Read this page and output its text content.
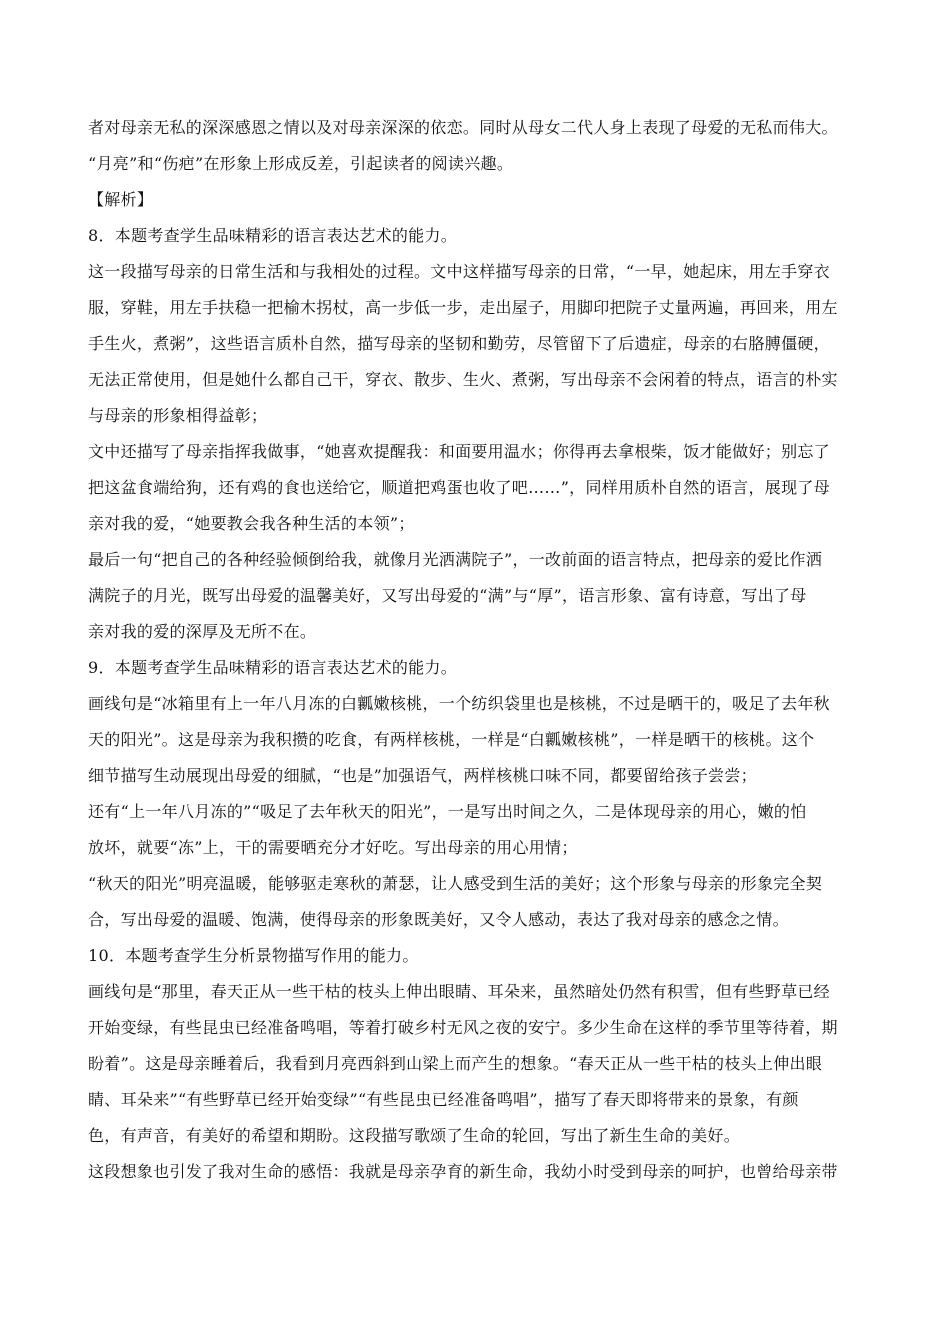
者对母亲无私的深深感恩之情以及对母亲深深的依恋。同时从母女二代人身上表现了母爱的无私而伟大。
“月亮”和“伤疤”在形象上形成反差，引起读者的阅读兴趣。
【解析】
8．本题考查学生品味精彩的语言表达艺术的能力。
这一段描写母亲的日常生活和与我相处的过程。文中这样描写母亲的日常，“一早，她起床，用左手穿衣
服，穿鞋，用左手扶稳一把榆木拐杖，高一步低一步，走出屋子，用脚印把院子丈量两遍，再回来，用左
手生火，煮粥”，这些语言质朴自然，描写母亲的坚韧和勤劳，尽管留下了后遗症，母亲的右胳膊僵硬，
无法正常使用，但是她什么都自己干，穿衣、散步、生火、煮粥，写出母亲不会闲着的特点，语言的朴实
与母亲的形象相得益彰；
文中还描写了母亲指挥我做事，“她喜欢提醒我：和面要用温水；你得再去拿根柴，饭才能做好；别忘了
把这盆食端给狗，还有鸡的食也送给它，顺道把鸡蛋也收了吧……”，同样用质朴自然的语言，展现了母
亲对我的爱，“她要教会我各种生活的本领”；
最后一句“把自己的各种经验倾倒给我，就像月光洒满院子”，一改前面的语言特点，把母亲的爱比作洒
满院子的月光，既写出母爱的温馨美好，又写出母爱的“满”与“厚”，语言形象、富有诗意，写出了母
亲对我的爱的深厚及无所不在。
9．本题考查学生品味精彩的语言表达艺术的能力。
画线句是“冰箱里有上一年八月冻的白瓤嫩核桃，一个纺织袋里也是核桃，不过是晒干的，吸足了去年秋
天的阳光”。这是母亲为我积攒的吃食，有两样核桃，一样是“白瓤嫩核桃”，一样是晒干的核桃。这个
细节描写生动展现出母爱的细腻，“也是”加强语气，两样核桃口味不同，都要留给孩子尝尝；
还有“上一年八月冻的”“吸足了去年秋天的阳光”，一是写出时间之久，二是体现母亲的用心，嫩的怕
放坏，就要“冻”上，干的需要晒充分才好吃。写出母亲的用心用情；
“秋天的阳光”明亮温暖，能够驱走寒秋的萧瑟，让人感受到生活的美好；这个形象与母亲的形象完全契
合，写出母爱的温暖、饱满，使得母亲的形象既美好，又令人感动，表达了我对母亲的感念之情。
10．本题考查学生分析景物描写作用的能力。
画线句是“那里，春天正从一些干枯的枝头上伸出眼睛、耳朵来，虽然暗处仍然有积雪，但有些野草已经
开始变绿，有些昆虫已经准备鸣唱，等着打破乡村无风之夜的安宁。多少生命在这样的季节里等待着，期
盼着”。这是母亲睡着后，我看到月亮西斜到山梁上而产生的想象。“春天正从一些干枯的枝头上伸出眼
睛、耳朵来”“有些野草已经开始变绿”“有些昆虫已经准备鸣唱”，描写了春天即将带来的景象，有颜
色，有声音，有美好的希望和期盼。这段描写歌颂了生命的轮回，写出了新生生命的美好。
这段想象也引发了我对生命的感悟：我就是母亲孕育的新生命，我幼小时受到母亲的呵护，也曾给母亲带
